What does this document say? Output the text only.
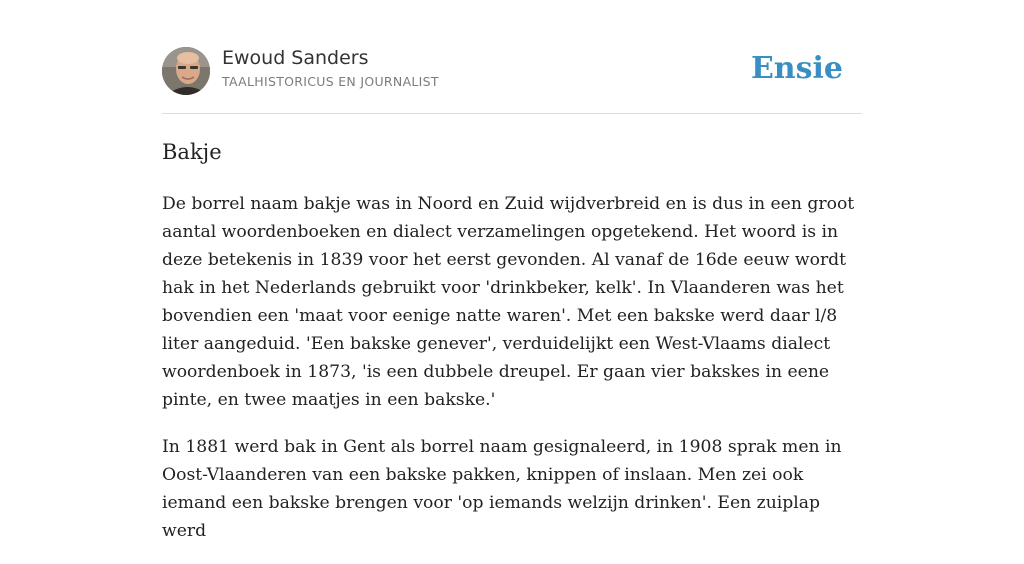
Ewoud Sanders
TAALHISTORICUS EN JOURNALIST	Ensie
Bakje

De borrel naam bakje was in Noord en Zuid wijdverbreid en is dus in een groot aantal woordenboeken en dialect verzamelingen opgetekend. Het woord is in deze betekenis in 1839 voor het eerst gevonden. Al vanaf de 16de eeuw wordt hak in het Nederlands gebruikt voor 'drinkbeker, kelk'. In Vlaanderen was het bovendien een 'maat voor eenige natte waren'. Met een bakske werd daar l/8 liter aangeduid. 'Een bakske genever', verduidelijkt een West-Vlaams dialect woordenboek in 1873, 'is een dubbele dreupel. Er gaan vier bakskes in eene pinte, en twee maatjes in een bakske.'

In 1881 werd bak in Gent als borrel naam gesignaleerd, in 1908 sprak men in Oost-Vlaanderen van een bakske pakken, knippen of inslaan. Men zei ook iemand een bakske brengen voor 'op iemands welzijn drinken'. Een zuiplap werd
